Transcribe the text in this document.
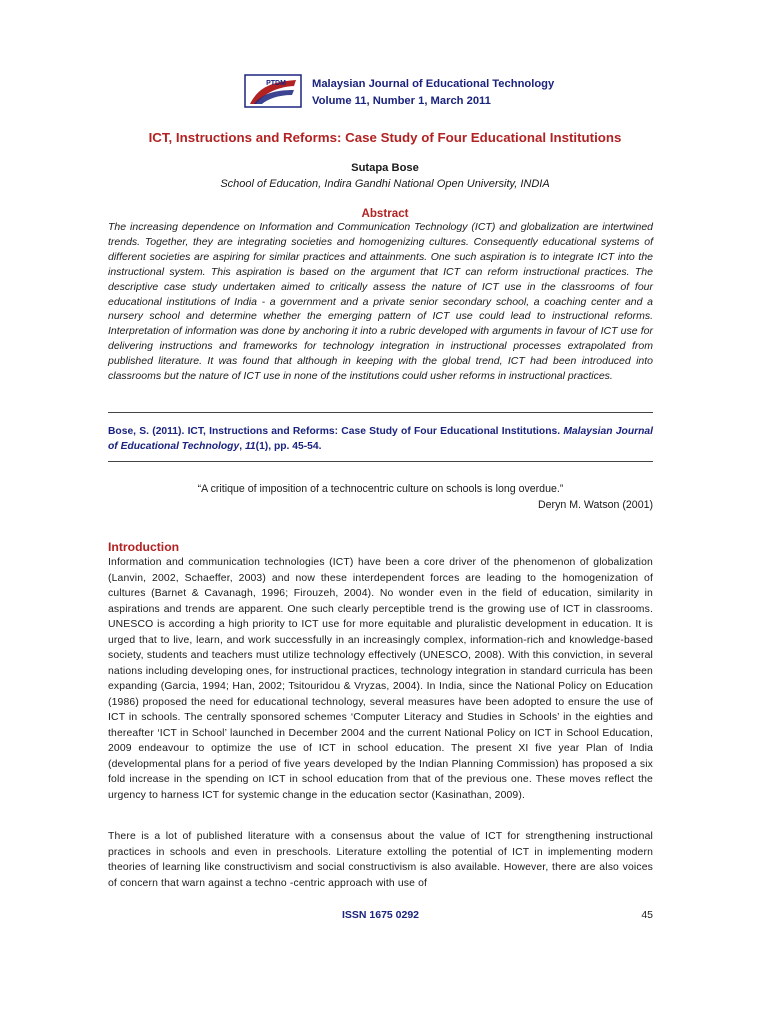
PTDM Malaysian Journal of Educational Technology
Volume 11, Number 1, March 2011
ICT, Instructions and Reforms: Case Study of Four Educational Institutions
Sutapa Bose
School of Education, Indira Gandhi National Open University, INDIA
Abstract
The increasing dependence on Information and Communication Technology (ICT) and globalization are intertwined trends. Together, they are integrating societies and homogenizing cultures. Consequently educational systems of different societies are aspiring for similar practices and attainments. One such aspiration is to integrate ICT into the instructional system. This aspiration is based on the argument that ICT can reform instructional practices. The descriptive case study undertaken aimed to critically assess the nature of ICT use in the classrooms of four educational institutions of India - a government and a private senior secondary school, a coaching center and a nursery school and determine whether the emerging pattern of ICT use could lead to instructional reforms. Interpretation of information was done by anchoring it into a rubric developed with arguments in favour of ICT use for delivering instructions and frameworks for technology integration in instructional processes extrapolated from published literature. It was found that although in keeping with the global trend, ICT had been introduced into classrooms but the nature of ICT use in none of the institutions could usher reforms in instructional practices.
Bose, S. (2011). ICT, Instructions and Reforms: Case Study of Four Educational Institutions. Malaysian Journal of Educational Technology, 11(1), pp. 45-54.
“A critique of imposition of a technocentric culture on schools is long overdue.”
Deryn M. Watson (2001)
Introduction
Information and communication technologies (ICT) have been a core driver of the phenomenon of globalization (Lanvin, 2002, Schaeffer, 2003) and now these interdependent forces are leading to the homogenization of cultures (Barnet & Cavanagh, 1996; Firouzeh, 2004). No wonder even in the field of education, similarity in aspirations and trends are apparent. One such clearly perceptible trend is the growing use of ICT in classrooms. UNESCO is according a high priority to ICT use for more equitable and pluralistic development in education. It is urged that to live, learn, and work successfully in an increasingly complex, information-rich and knowledge-based society, students and teachers must utilize technology effectively (UNESCO, 2008). With this conviction, in several nations including developing ones, for instructional practices, technology integration in standard curricula has been expanding (Garcia, 1994; Han, 2002; Tsitouridou & Vryzas, 2004). In India, since the National Policy on Education (1986) proposed the need for educational technology, several measures have been adopted to ensure the use of ICT in schools. The centrally sponsored schemes ‘Computer Literacy and Studies in Schools’ in the eighties and thereafter ‘ICT in School’ launched in December 2004 and the current National Policy on ICT in School Education, 2009 endeavour to optimize the use of ICT in school education. The present XI five year Plan of India (developmental plans for a period of five years developed by the Indian Planning Commission) has proposed a six fold increase in the spending on ICT in school education from that of the previous one. These moves reflect the urgency to harness ICT for systemic change in the education sector (Kasinathan, 2009).
There is a lot of published literature with a consensus about the value of ICT for strengthening instructional practices in schools and even in preschools. Literature extolling the potential of ICT in implementing modern theories of learning like constructivism and social constructivism is also available. However, there are also voices of concern that warn against a techno -centric approach with use of
ISSN 1675 0292	45
